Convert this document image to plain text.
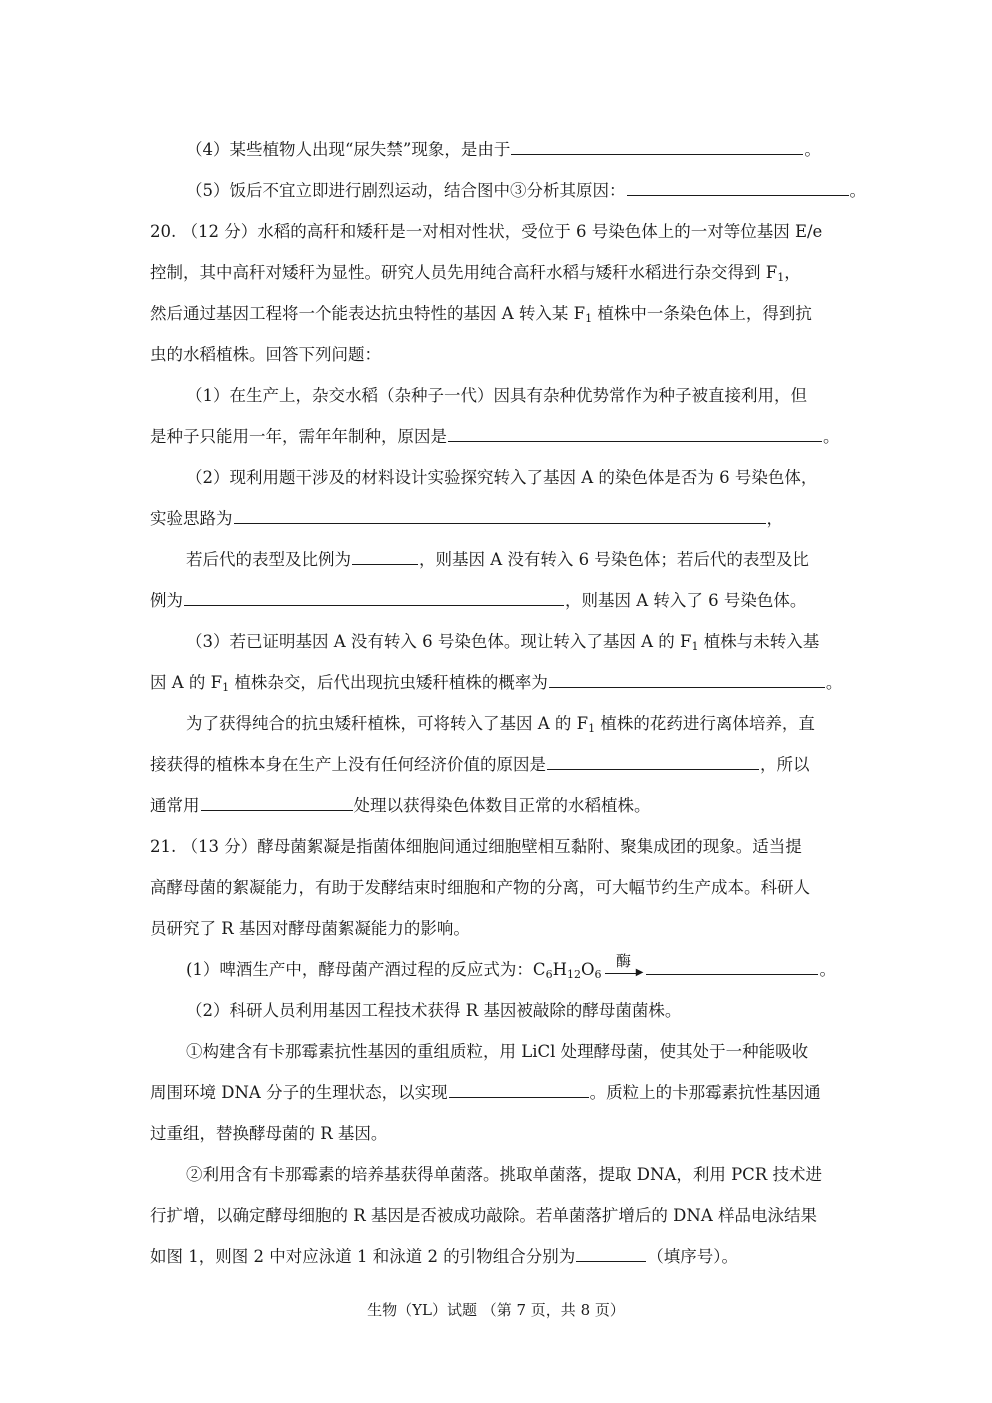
（4）某些植物人出现“尿失禁”现象，是由于	。
（5）饭后不宜立即进行剧烈运动，结合图中③分析其原因：	。
20. （12 分）水稻的高秆和矮秆是一对相对性状，受位于 6 号染色体上的一对等位基因 E/e
控制，其中高秆对矮秆为显性。研究人员先用纯合高秆水稻与矮秆水稻进行杂交得到 $F_1$，
然后通过基因工程将一个能表达抗虫特性的基因 A 转入某 $F_1$ 植株中一条染色体上，得到抗
虫的水稻植株。回答下列问题：
（1）在生产上，杂交水稻（杂种子一代）因具有杂种优势常作为种子被直接利用，但
是种子只能用一年，需年年制种，原因是	。
（2）现利用题干涉及的材料设计实验探究转入了基因 A 的染色体是否为 6 号染色体，
实验思路为	，
若后代的表型及比例为	，则基因 A 没有转入 6 号染色体；若后代的表型及比
例为	，则基因 A 转入了 6 号染色体。
（3）若已证明基因 A 没有转入 6 号染色体。现让转入了基因 A 的 $F_1$ 植株与未转入基
因 A 的 $F_1$ 植株杂交，后代出现抗虫矮秆植株的概率为	。
为了获得纯合的抗虫矮秆植株，可将转入了基因 A 的 $F_1$ 植株的花药进行离体培养，直
接获得的植株本身在生产上没有任何经济价值的原因是	，所以
通常用	处理以获得染色体数目正常的水稻植株。
21. （13 分）酵母菌絮凝是指菌体细胞间通过细胞壁相互黏附、聚集成团的现象。适当提
高酵母菌的絮凝能力，有助于发酵结束时细胞和产物的分离，可大幅节约生产成本。科研人
员研究了 R 基因对酵母菌絮凝能力的影响。
(1）啤酒生产中，酵母菌产酒过程的反应式为：$C_6H_{12}O_6$
酶
▶	。
（2）科研人员利用基因工程技术获得 R 基因被敲除的酵母菌菌株。
①构建含有卡那霉素抗性基因的重组质粒，用 LiCl 处理酵母菌，使其处于一种能吸收
周围环境 DNA 分子的生理状态，以实现	。质粒上的卡那霉素抗性基因通
过重组，替换酵母菌的 R 基因。
②利用含有卡那霉素的培养基获得单菌落。挑取单菌落，提取 DNA，利用 PCR 技术进
行扩增，以确定酵母细胞的 R 基因是否被成功敲除。若单菌落扩增后的 DNA 样品电泳结果
如图 1，则图 2 中对应泳道 1 和泳道 2 的引物组合分别为	（填序号）。
生物（YL）试题 （第 7 页，共 8 页）
